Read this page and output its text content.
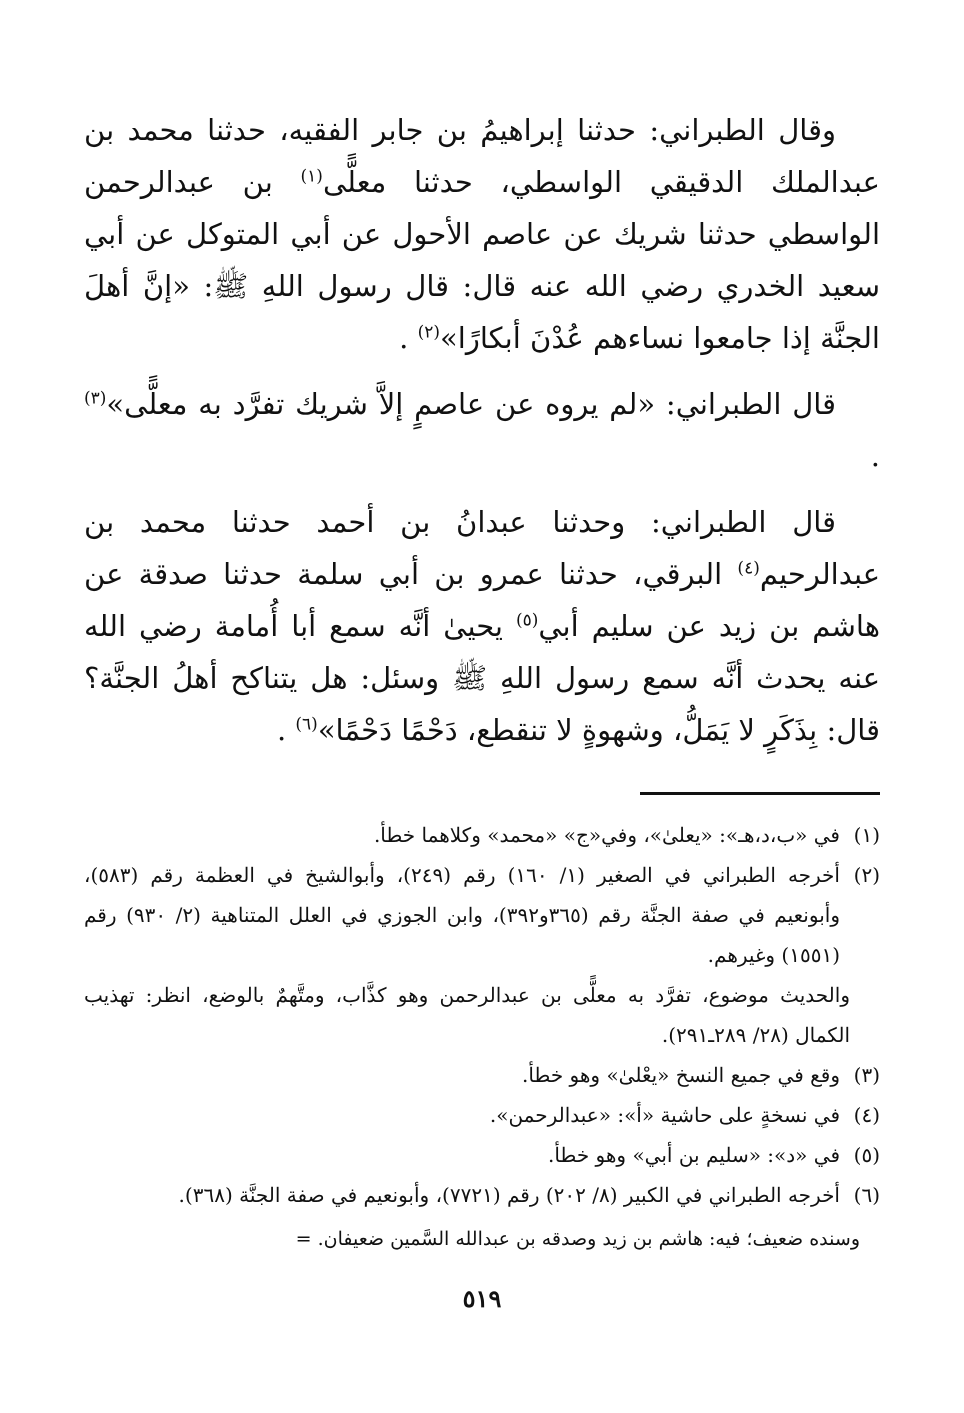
وقال الطبراني: حدثنا إبراهيمُ بن جابر الفقيه، حدثنا محمد بن عبدالملك الدقيقي الواسطي، حدثنا معلًّى$^{(١)}$ بن عبدالرحمن الواسطي حدثنا شريك عن عاصم الأحول عن أبي المتوكل عن أبي سعيد الخدري رضي الله عنه قال: قال رسول اللهِ ﷺ: «إنَّ أهلَ الجنَّة إذا جامعوا نساءهم عُدْنَ أبكارًا»$^{(٢)}$ .

قال الطبراني: «لم يروه عن عاصمٍ إلاَّ شريك تفرَّد به معلًّى»$^{(٣)}$ .

قال الطبراني: وحدثنا عبدانُ بن أحمد حدثنا محمد بن عبدالرحيم$^{(٤)}$ البرقي، حدثنا عمرو بن أبي سلمة حدثنا صدقة عن هاشم بن زيد عن سليم أبي$^{(٥)}$ يحيىٰ أنَّه سمع أبا أُمامة رضي الله عنه يحدث أنَّه سمع رسول اللهِ ﷺ وسئل: هل يتناكح أهلُ الجنَّة؟ قال: بِذَكَرٍ لا يَمَلُّ، وشهوةٍ لا تنقطع، دَحْمًا دَحْمًا»$^{(٦)}$ .

(١)
في «ب،د،هـ»: «يعلىٰ»، وفي«ج» «محمد» وكلاهما خطأ.
(٢)
أخرجه الطبراني في الصغير (١/ ١٦٠) رقم (٢٤٩)، وأبوالشيخ في العظمة رقم (٥٨٣)، وأبونعيم في صفة الجنَّة رقم (٣٦٥و٣٩٢)، وابن الجوزي في العلل المتناهية (٢/ ٩٣٠) رقم (١٥٥١) وغيرهم.
والحديث موضوع، تفرَّد به معلًّى بن عبدالرحمن وهو كذَّاب، ومتَّهمٌ بالوضع، انظر: تهذيب الكمال (٢٨/ ٢٨٩ـ٢٩١).
(٣)
وقع في جميع النسخ «يعْلىٰ» وهو خطأ.
(٤)
في نسخةٍ على حاشية «أ»: «عبدالرحمن».
(٥)
في «د»: «سليم بن أبي» وهو خطأ.
(٦)
أخرجه الطبراني في الكبير (٨/ ٢٠٢) رقم (٧٧٢١)، وأبونعيم في صفة الجنَّة (٣٦٨).
وسنده ضعيف؛ فيه: هاشم بن زيد وصدقه بن عبدالله السَّمين ضعيفان. =
٥١٩
